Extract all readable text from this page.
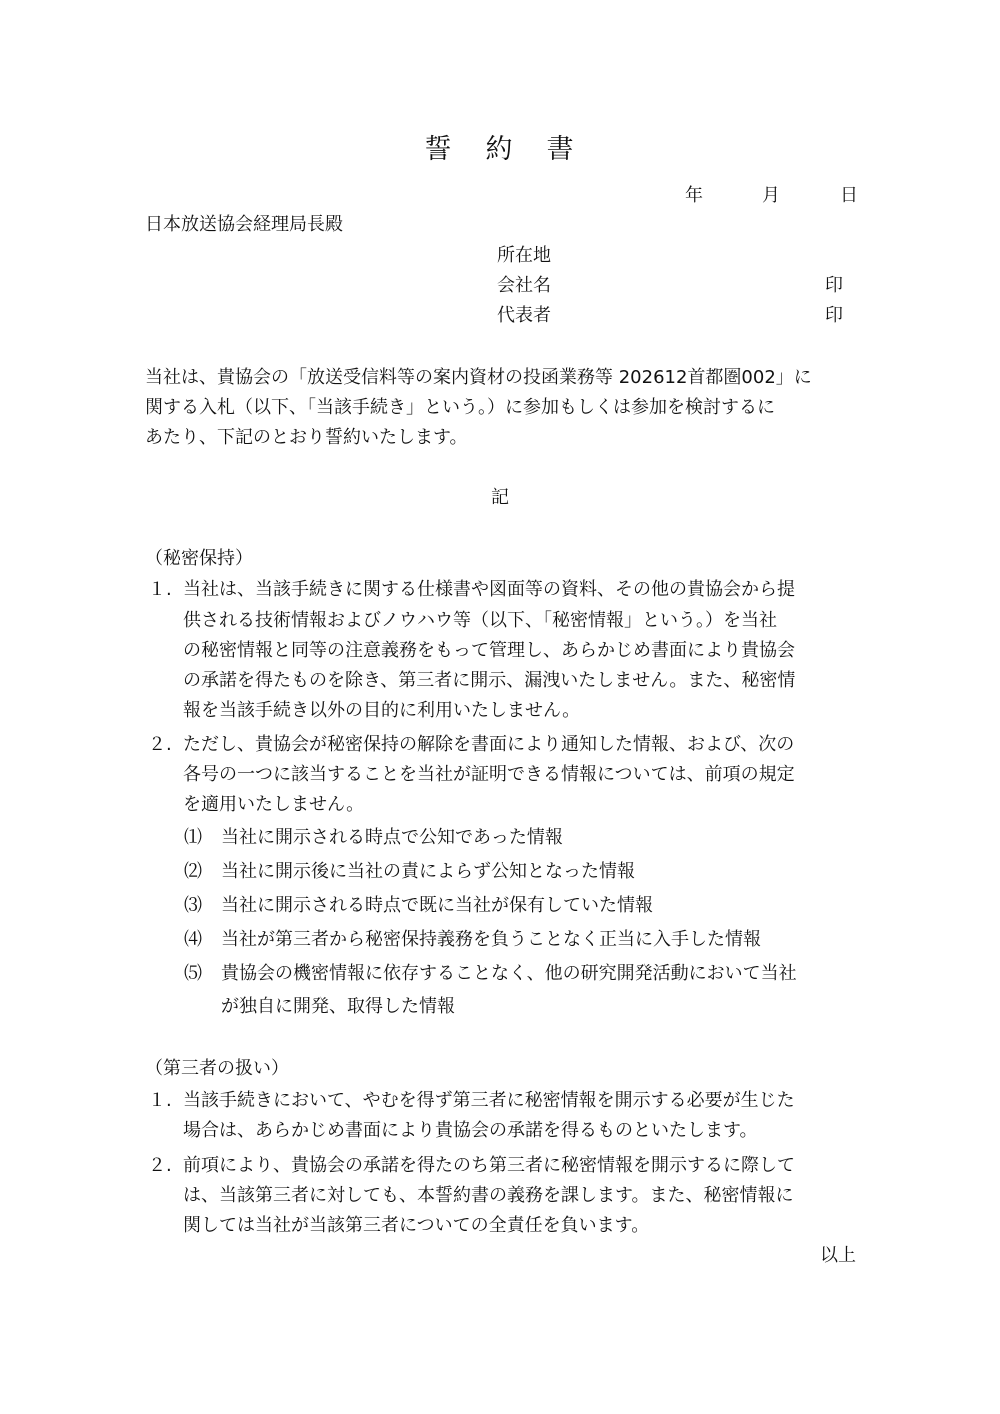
誓 約 書
年	月	日
日本放送協会経理局長殿
所在地
会社名	印
代表者	印
当社は、貴協会の「放送受信料等の案内資材の投函業務等 202612首都圏002」に
関する入札（以下、「当該手続き」という。）に参加もしくは参加を検討するに
あたり、下記のとおり誓約いたします。
記
（秘密保持）
１. 当社は、当該手続きに関する仕様書や図面等の資料、その他の貴協会から提
供される技術情報およびノウハウ等（以下、「秘密情報」という。）を当社
の秘密情報と同等の注意義務をもって管理し、あらかじめ書面により貴協会
の承諾を得たものを除き、第三者に開示、漏洩いたしません。また、秘密情
報を当該手続き以外の目的に利用いたしません。
２. ただし、貴協会が秘密保持の解除を書面により通知した情報、および、次の
各号の一つに該当することを当社が証明できる情報については、前項の規定
を適用いたしません。
⑴ 当社に開示される時点で公知であった情報
⑵ 当社に開示後に当社の責によらず公知となった情報
⑶ 当社に開示される時点で既に当社が保有していた情報
⑷ 当社が第三者から秘密保持義務を負うことなく正当に入手した情報
⑸ 貴協会の機密情報に依存することなく、他の研究開発活動において当社
が独自に開発、取得した情報
（第三者の扱い）
１. 当該手続きにおいて、やむを得ず第三者に秘密情報を開示する必要が生じた
場合は、あらかじめ書面により貴協会の承諾を得るものといたします。
２. 前項により、貴協会の承諾を得たのち第三者に秘密情報を開示するに際して
は、当該第三者に対しても、本誓約書の義務を課します。また、秘密情報に
関しては当社が当該第三者についての全責任を負います。
以上
